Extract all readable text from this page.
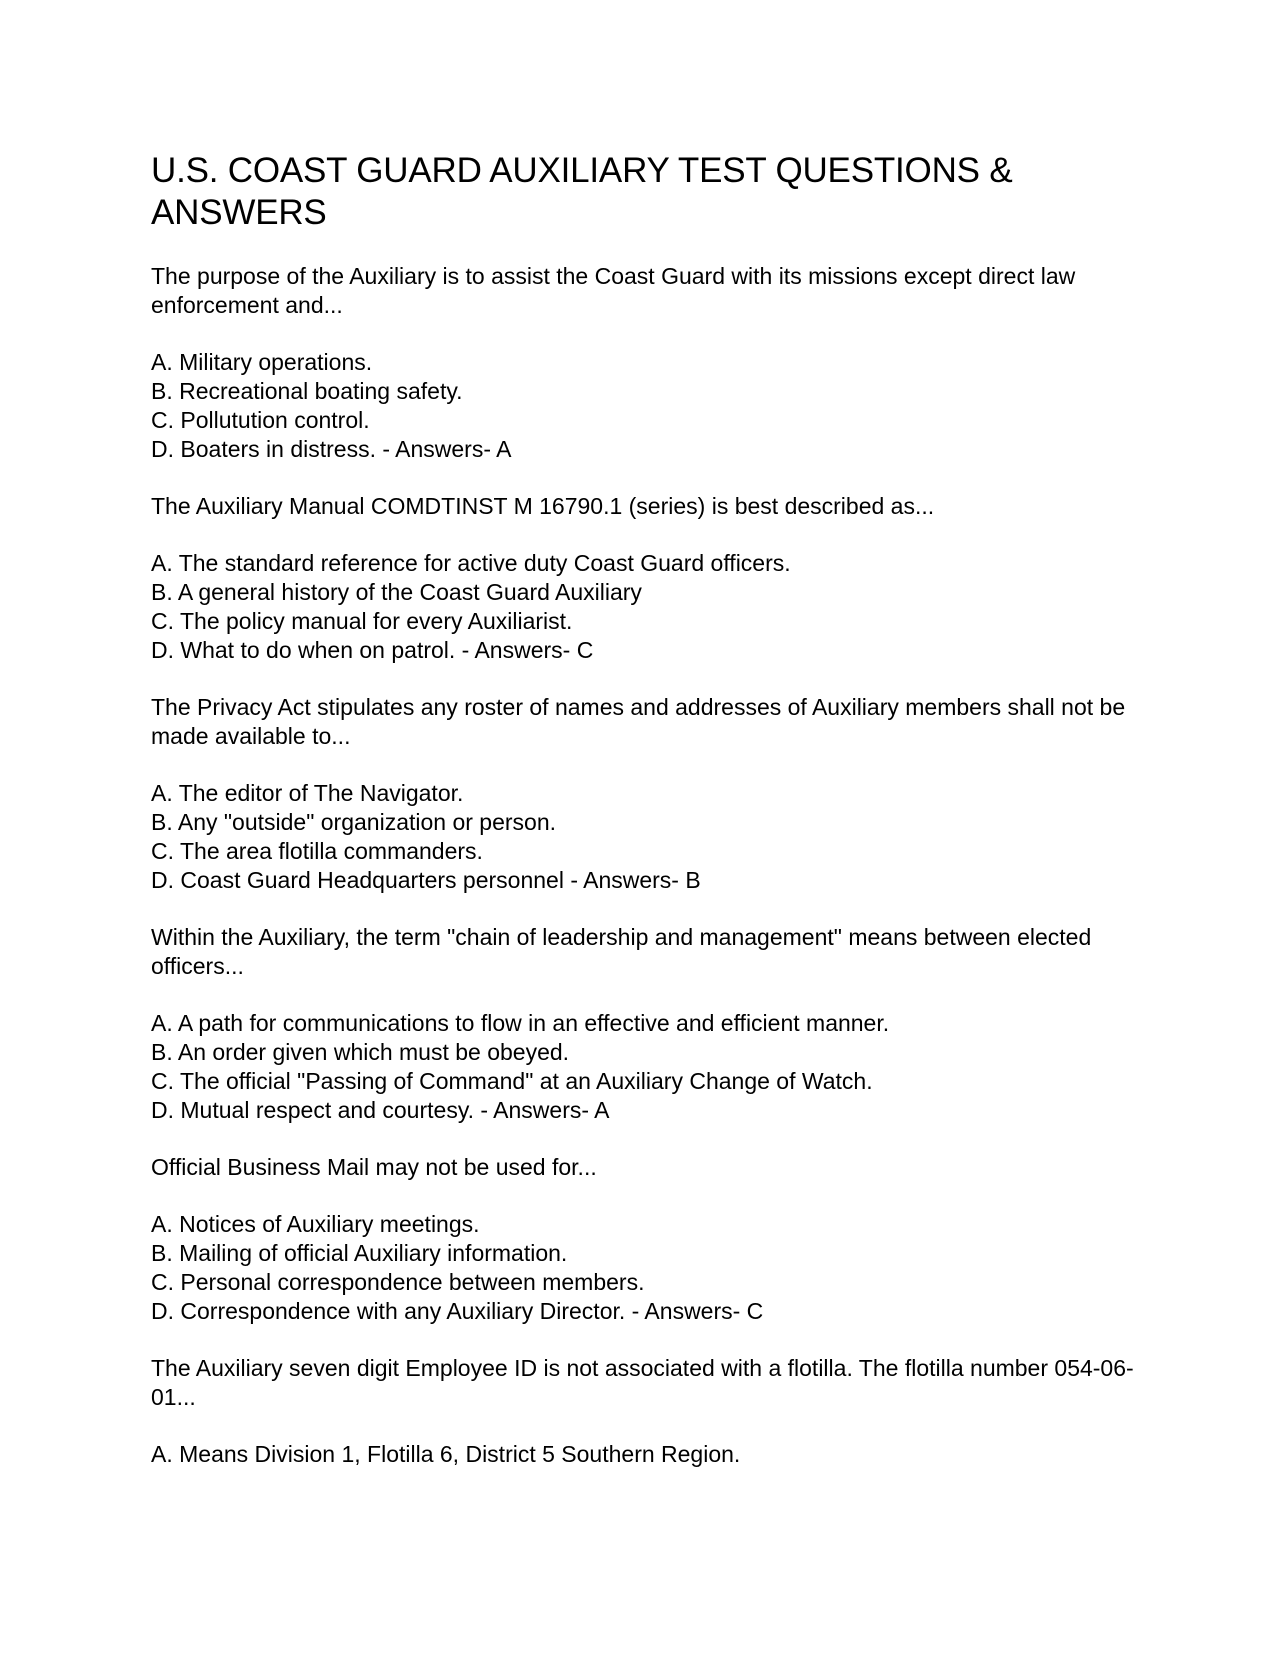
U.S. COAST GUARD AUXILIARY TEST QUESTIONS & ANSWERS

The purpose of the Auxiliary is to assist the Coast Guard with its missions except direct law enforcement and...

A. Military operations.
B. Recreational boating safety.
C. Pollutution control.
D. Boaters in distress. - Answers- A

The Auxiliary Manual COMDTINST M 16790.1 (series) is best described as...

A. The standard reference for active duty Coast Guard officers.
B. A general history of the Coast Guard Auxiliary
C. The policy manual for every Auxiliarist.
D. What to do when on patrol. - Answers- C

The Privacy Act stipulates any roster of names and addresses of Auxiliary members shall not be made available to...

A. The editor of The Navigator.
B. Any "outside" organization or person.
C. The area flotilla commanders.
D. Coast Guard Headquarters personnel - Answers- B

Within the Auxiliary, the term "chain of leadership and management" means between elected officers...

A. A path for communications to flow in an effective and efficient manner.
B. An order given which must be obeyed.
C. The official "Passing of Command" at an Auxiliary Change of Watch.
D. Mutual respect and courtesy. - Answers- A

Official Business Mail may not be used for...

A. Notices of Auxiliary meetings.
B. Mailing of official Auxiliary information.
C. Personal correspondence between members.
D. Correspondence with any Auxiliary Director. - Answers- C

The Auxiliary seven digit Employee ID is not associated with a flotilla. The flotilla number 054-06-01...

A. Means Division 1, Flotilla 6, District 5 Southern Region.
